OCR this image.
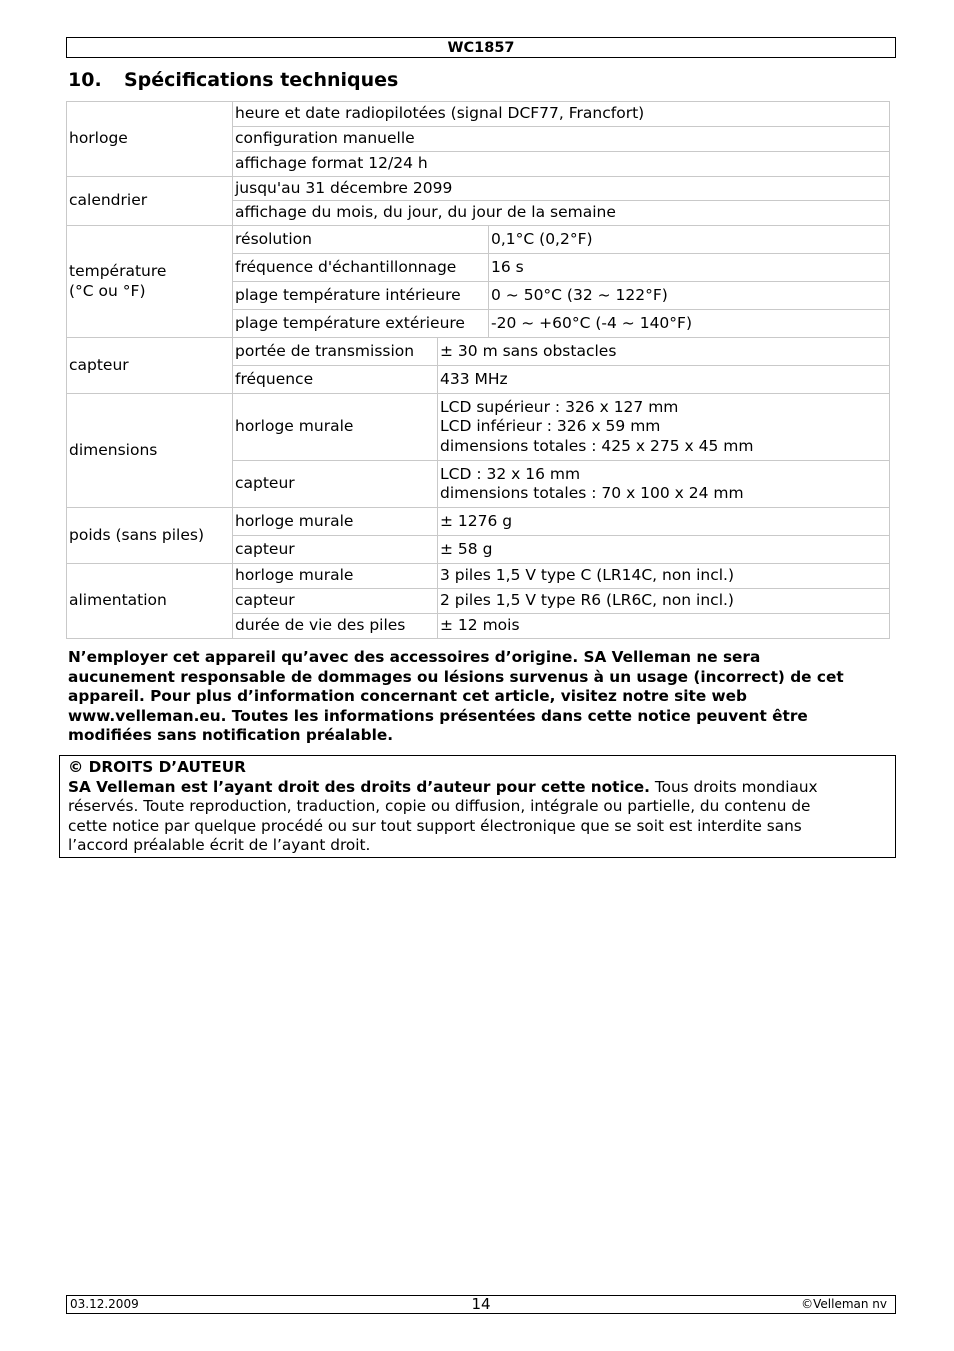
WC1857
10. Spécifications techniques
horloge	heure et date radiopilotées (signal DCF77, Francfort)		
	configuration manuelle		
	affichage format 12/24 h		
calendrier	jusqu'au 31 décembre 2099		
	affichage du mois, du jour, du jour de la semaine		

température
(°C ou °F)	résolution		0,1°C (0,2°F)
	fréquence d'échantillonnage		16 s
	plage température intérieure		0 ~ 50°C (32 ~ 122°F)
	plage température extérieure		-20 ~ +60°C (-4 ~ 140°F)
capteur	portée de transmission	± 30 m sans obstacles	
	fréquence	433 MHz	
dimensions	horloge murale	LCD supérieur : 326 x 127 mm
LCD inférieur : 326 x 59 mm
dimensions totales : 425 x 275 x 45 mm	

	capteur	LCD : 32 x 16 mm
dimensions totales : 70 x 100 x 24 mm	

poids (sans piles)	horloge murale	± 1276 g	
	capteur	± 58 g	
alimentation	horloge murale	3 piles 1,5 V type C (LR14C, non incl.)	
	capteur	2 piles 1,5 V type R6 (LR6C, non incl.)	
	durée de vie des piles	± 12 mois	
N’employer cet appareil qu’avec des accessoires d’origine. SA Velleman ne sera
aucunement responsable de dommages ou lésions survenus à un usage (incorrect) de cet
appareil. Pour plus d’information concernant cet article, visitez notre site web
www.velleman.eu. Toutes les informations présentées dans cette notice peuvent être
modifiées sans notification préalable.
© DROITS D’AUTEUR
SA Velleman est l’ayant droit des droits d’auteur pour cette notice. Tous droits mondiaux
réservés. Toute reproduction, traduction, copie ou diffusion, intégrale ou partielle, du contenu de
cette notice par quelque procédé ou sur tout support électronique que se soit est interdite sans
l’accord préalable écrit de l’ayant droit.
14
03.12.2009	©Velleman nv
